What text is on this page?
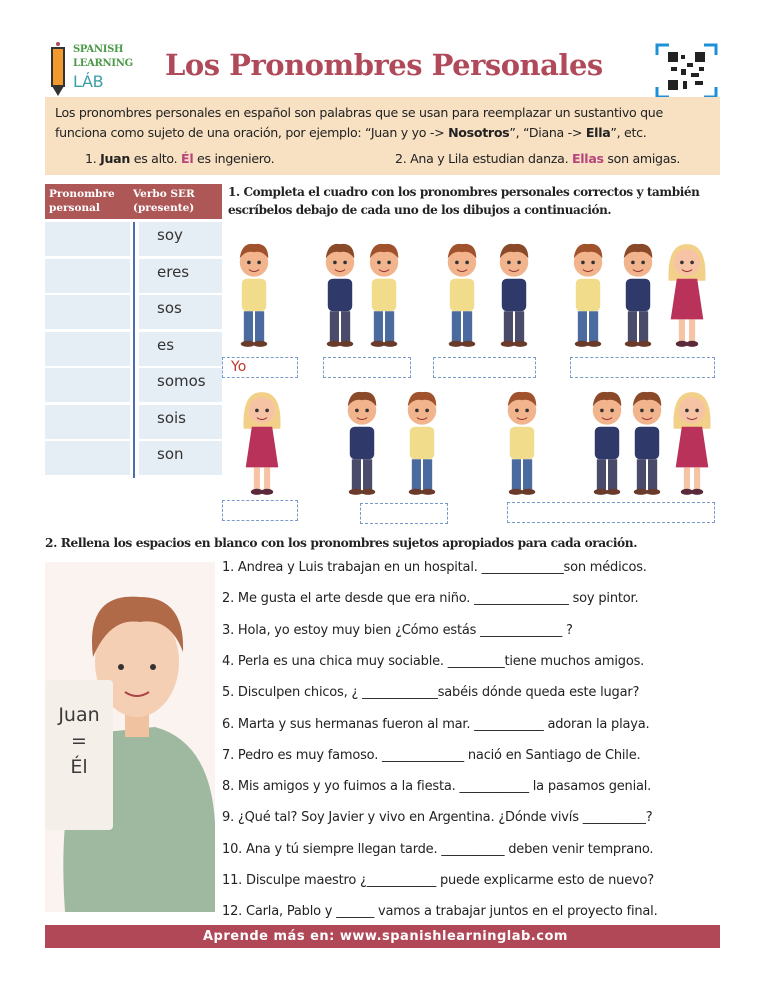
SPANISH
LEARNING
LÁB Los Pronombres Personales
Los pronombres personales en español son palabras que se usan para reemplazar un sustantivo que funciona como sujeto de una oración, por ejemplo: “Juan y yo -> Nosotros”, “Diana -> Ella”, etc.
1. Juan es alto. Él es ingeniero.	2. Ana y Lila estudian danza. Ellas son amigas.
Pronombre personal
Verbo SER (presente)
soy
eres
sos
es
somos
sois
son
1. Completa el cuadro con los pronombres personales correctos y también escríbelos debajo de cada uno de los dibujos a continuación.
Yo
2. Rellena los espacios en blanco con los pronombres sujetos apropiados para cada oración.
Juan
=
Él
1. Andrea y Luis trabajan en un hospital. _____________son médicos.
2. Me gusta el arte desde que era niño. _______________ soy pintor.
3. Hola, yo estoy muy bien ¿Cómo estás _____________ ?
4. Perla es una chica muy sociable. _________tiene muchos amigos.
5. Disculpen chicos, ¿ ____________sabéis dónde queda este lugar?
6. Marta y sus hermanas fueron al mar. ___________ adoran la playa.
7. Pedro es muy famoso. _____________ nació en Santiago de Chile.
8. Mis amigos y yo fuimos a la fiesta. ___________ la pasamos genial.
9. ¿Qué tal? Soy Javier y vivo en Argentina. ¿Dónde vivís __________?
10. Ana y tú siempre llegan tarde. __________ deben venir temprano.
11. Disculpe maestro ¿___________ puede explicarme esto de nuevo?
12. Carla, Pablo y ______ vamos a trabajar juntos en el proyecto final.
Aprende más en: www.spanishlearninglab.com
